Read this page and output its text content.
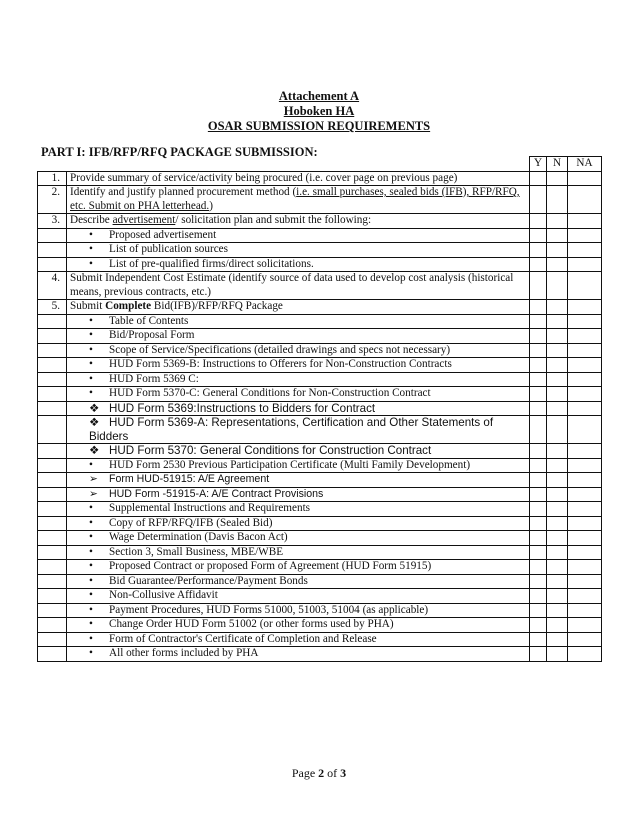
Attachement A
Hoboken HA
OSAR SUBMISSION REQUIREMENTS
PART I: IFB/RFP/RFQ PACKAGE SUBMISSION:
		Y	N	NA
1.	Provide summary of service/activity being procured (i.e. cover page on previous page)			
2.	Identify and justify planned procurement method (i.e. small purchases, sealed bids (IFB), RFP/RFQ, etc. Submit on PHA letterhead.)			
3.	Describe advertisement/ solicitation plan and submit the following:			
	• Proposed advertisement			
	• List of publication sources			
	• List of pre-qualified firms/direct solicitations.			
4.	Submit Independent Cost Estimate (identify source of data used to develop cost analysis (historical means, previous contracts, etc.)			
5.	Submit Complete Bid(IFB)/RFP/RFQ Package			
	• Table of Contents			
	• Bid/Proposal Form			
	• Scope of Service/Specifications (detailed drawings and specs not necessary)			
	• HUD Form 5369-B: Instructions to Offerers for Non-Construction Contracts			
	• HUD Form 5369 C:			
	• HUD Form 5370-C: General Conditions for Non-Construction Contract			
	❖ HUD Form 5369:Instructions to Bidders for Contract			
	❖ HUD Form 5369-A: Representations, Certification and Other Statements of Bidders			
	❖ HUD Form 5370: General Conditions for Construction Contract			
	• HUD Form 2530 Previous Participation Certificate (Multi Family Development)			
	➢ Form HUD-51915: A/E Agreement			
	➢ HUD Form -51915-A: A/E Contract Provisions			
	• Supplemental Instructions and Requirements			
	• Copy of RFP/RFQ/IFB (Sealed Bid)			
	• Wage Determination (Davis Bacon Act)			
	• Section 3, Small Business, MBE/WBE			
	• Proposed Contract or proposed Form of Agreement (HUD Form 51915)			
	• Bid Guarantee/Performance/Payment Bonds			
	• Non-Collusive Affidavit			
	• Payment Procedures, HUD Forms 51000, 51003, 51004 (as applicable)			
	• Change Order HUD Form 51002 (or other forms used by PHA)			
	• Form of Contractor's Certificate of Completion and Release			
	• All other forms included by PHA			
Page 2 of 3
